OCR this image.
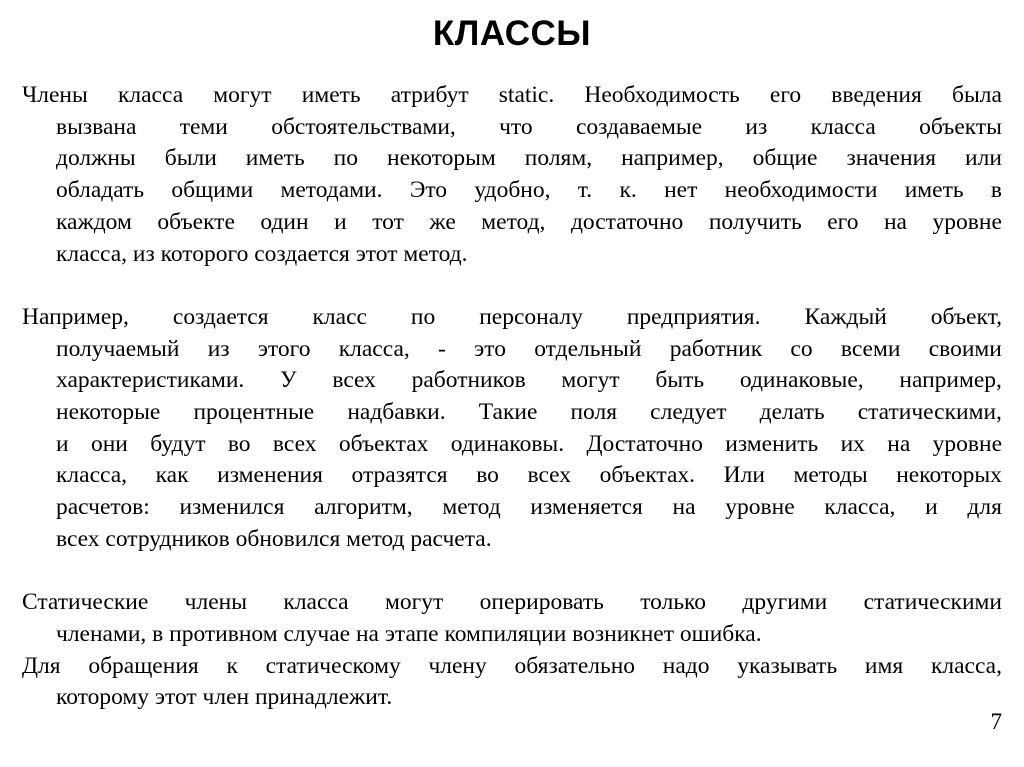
КЛАССЫ

Члены класса могут иметь атрибут static. Необходимость его введения была
вызвана теми обстоятельствами, что создаваемые из класса объекты
должны были иметь по некоторым полям, например, общие значения или
обладать общими методами. Это удобно, т. к. нет необходимости иметь в
каждом объекте один и тот же метод, достаточно получить его на уровне
класса, из которого создается этот метод.

Например, создается класс по персоналу предприятия. Каждый объект,
получаемый из этого класса, - это отдельный работник со всеми своими
характеристиками. У всех работников могут быть одинаковые, например,
некоторые процентные надбавки. Такие поля следует делать статическими,
и они будут во всех объектах одинаковы. Достаточно изменить их на уровне
класса, как изменения отразятся во всех объектах. Или методы некоторых
расчетов: изменился алгоритм, метод изменяется на уровне класса, и для
всех сотрудников обновился метод расчета.

Статические члены класса могут оперировать только другими статическими
членами, в противном случае на этапе компиляции возникнет ошибка.

Для обращения к статическому члену обязательно надо указывать имя класса,
которому этот член принадлежит.

7
